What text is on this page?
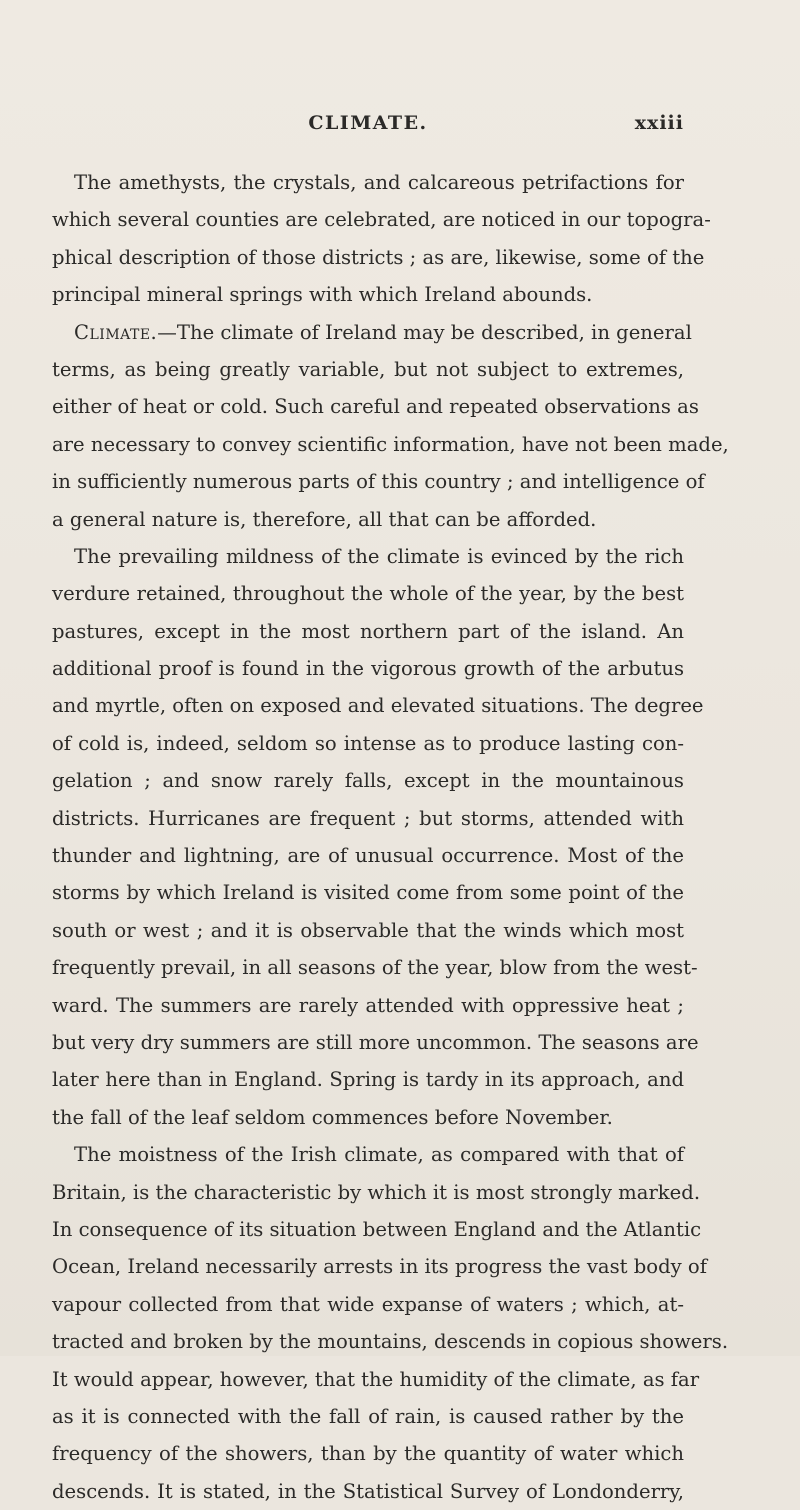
CLIMATE.	xxiii
The amethysts, the crystals, and calcareous petrifactions for
which several counties are celebrated, are noticed in our topogra-
phical description of those districts ; as are, likewise, some of the
principal mineral springs with which Ireland abounds.
Climate.—The climate of Ireland may be described, in general
terms, as being greatly variable, but not subject to extremes,
either of heat or cold. Such careful and repeated observations as
are necessary to convey scientific information, have not been made,
in sufficiently numerous parts of this country ; and intelligence of
a general nature is, therefore, all that can be afforded.
The prevailing mildness of the climate is evinced by the rich
verdure retained, throughout the whole of the year, by the best
pastures, except in the most northern part of the island. An
additional proof is found in the vigorous growth of the arbutus
and myrtle, often on exposed and elevated situations. The degree
of cold is, indeed, seldom so intense as to produce lasting con-
gelation ; and snow rarely falls, except in the mountainous
districts. Hurricanes are frequent ; but storms, attended with
thunder and lightning, are of unusual occurrence. Most of the
storms by which Ireland is visited come from some point of the
south or west ; and it is observable that the winds which most
frequently prevail, in all seasons of the year, blow from the west-
ward. The summers are rarely attended with oppressive heat ;
but very dry summers are still more uncommon. The seasons are
later here than in England. Spring is tardy in its approach, and
the fall of the leaf seldom commences before November.
The moistness of the Irish climate, as compared with that of
Britain, is the characteristic by which it is most strongly marked.
In consequence of its situation between England and the Atlantic
Ocean, Ireland necessarily arrests in its progress the vast body of
vapour collected from that wide expanse of waters ; which, at-
tracted and broken by the mountains, descends in copious showers.
It would appear, however, that the humidity of the climate, as far
as it is connected with the fall of rain, is caused rather by the
frequency of the showers, than by the quantity of water which
descends. It is stated, in the Statistical Survey of Londonderry,
